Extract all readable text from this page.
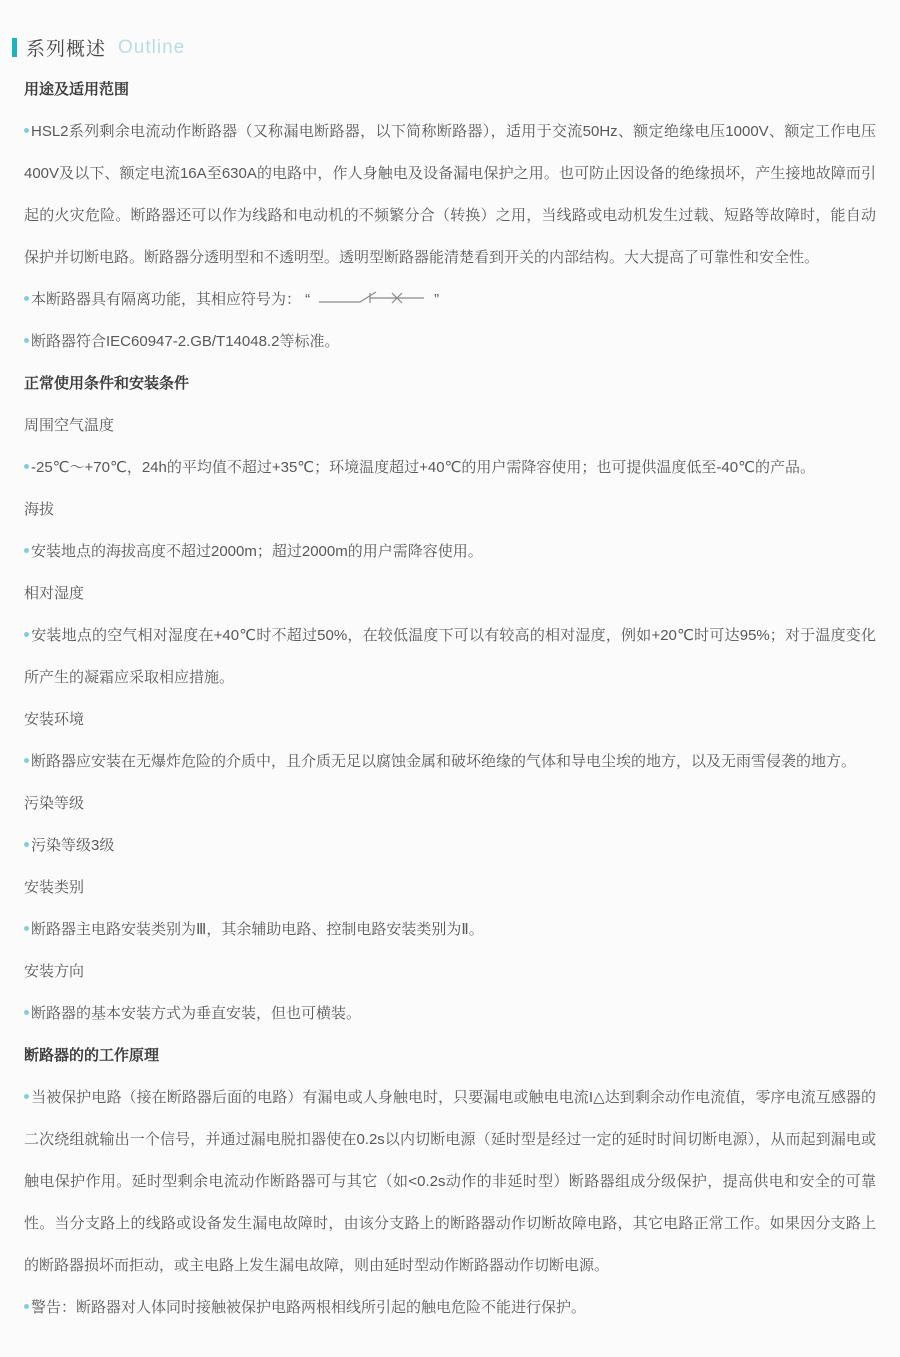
系列概述 Outline
用途及适用范围

HSL2系列剩余电流动作断路器（又称漏电断路器，以下简称断路器），适用于交流50Hz、额定绝缘电压1000V、额定工作电压400V及以下、额定电流16A至630A的电路中，作人身触电及设备漏电保护之用。也可防止因设备的绝缘损坏，产生接地故障而引起的火灾危险。断路器还可以作为线路和电动机的不频繁分合（转换）之用，当线路或电动机发生过载、短路等故障时，能自动保护并切断电路。断路器分透明型和不透明型。透明型断路器能清楚看到开关的内部结构。大大提高了可靠性和安全性。

本断路器具有隔离功能，其相应符号为： “	”

断路器符合IEC60947-2.GB/T14048.2等标准。

正常使用条件和安装条件

周围空气温度

-25℃～+70℃，24h的平均值不超过+35℃；环境温度超过+40℃的用户需降容使用；也可提供温度低至-40℃的产品。

海拔

安装地点的海拔高度不超过2000m；超过2000m的用户需降容使用。

相对湿度

安装地点的空气相对湿度在+40℃时不超过50%，在较低温度下可以有较高的相对湿度，例如+20℃时可达95%；对于温度变化所产生的凝霜应采取相应措施。

安装环境

断路器应安装在无爆炸危险的介质中，且介质无足以腐蚀金属和破坏绝缘的气体和导电尘埃的地方，以及无雨雪侵袭的地方。

污染等级

污染等级3级

安装类别

断路器主电路安装类别为Ⅲ，其余辅助电路、控制电路安装类别为Ⅱ。

安装方向

断路器的基本安装方式为垂直安装，但也可横装。

断路器的的工作原理

当被保护电路（接在断路器后面的电路）有漏电或人身触电时，只要漏电或触电电流I△达到剩余动作电流值，零序电流互感器的二次绕组就输出一个信号，并通过漏电脱扣器使在0.2s以内切断电源（延时型是经过一定的延时时间切断电源），从而起到漏电或触电保护作用。延时型剩余电流动作断路器可与其它（如<0.2s动作的非延时型）断路器组成分级保护，提高供电和安全的可靠性。当分支路上的线路或设备发生漏电故障时，由该分支路上的断路器动作切断故障电路，其它电路正常工作。如果因分支路上的断路器损坏而拒动，或主电路上发生漏电故障，则由延时型动作断路器动作切断电源。

警告：断路器对人体同时接触被保护电路两根相线所引起的触电危险不能进行保护。
